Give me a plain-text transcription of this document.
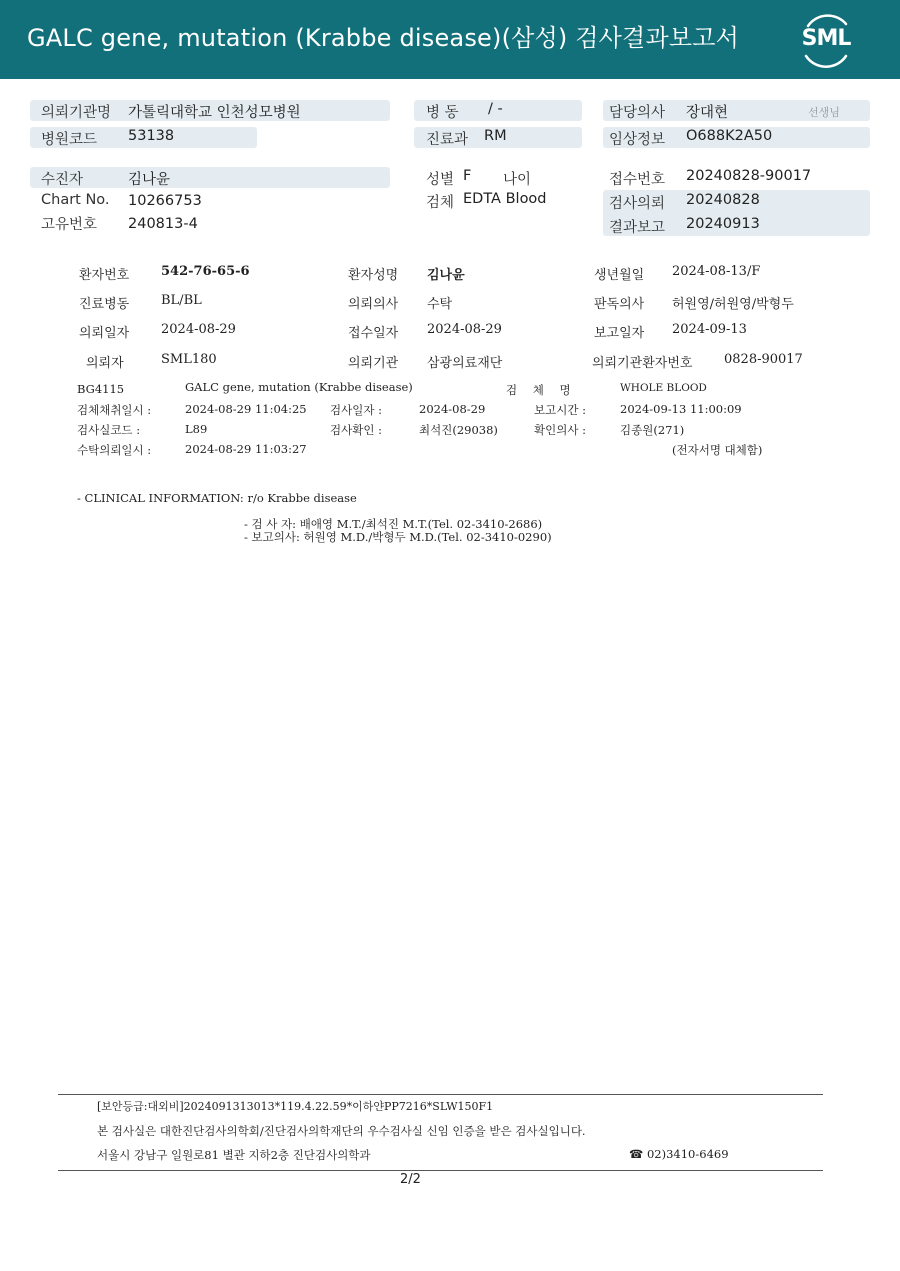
GALC gene, mutation (Krabbe disease)(삼성) 검사결과보고서	SML
의뢰기관명 가톨릭대학교 인천성모병원	병 동 / -	담당의사 장대현	선생님
병원코드 53138	진료과 RM	임상정보 O688K2A50
수진자	김나윤	성별 F 나이	접수번호 20240828-90017
Chart No. 10266753	검체 EDTA Blood	검사의뢰 20240828
고유번호 240813-4	결과보고 20240913
환자번호 542-76-65-6	환자성명 김나윤	생년월일 2024-08-13/F
진료병동 BL/BL	의뢰의사 수탁	판독의사 허원영/허원영/박형두
의뢰일자 2024-08-29	접수일자 2024-08-29	보고일자 2024-09-13
의뢰자	SML180	의뢰기관 삼광의료재단	의뢰기관환자번호 0828-90017
BG4115	GALC gene, mutation (Krabbe disease)	검 체 명	WHOLE BLOOD
검체채취일시 :	2024-08-29 11:04:25 검사일자 :	2024-08-29	보고시간 :	2024-09-13 11:00:09
검사실코드 :	L89	검사확인 :	최석진(29038)	확인의사 :	김종원(271)
수탁의뢰일시 :	2024-08-29 11:03:27	(전자서명 대체함)
- CLINICAL INFORMATION: r/o Krabbe disease
- 검 사 자: 배애영 M.T./최석진 M.T.(Tel. 02-3410-2686)
- 보고의사: 허원영 M.D./박형두 M.D.(Tel. 02-3410-0290)
[보안등급:대외비]2024091313013*119.4.22.59*이하얀PP7216*SLW150F1
본 검사실은 대한진단검사의학회/진단검사의학재단의 우수검사실 신임 인증을 받은 검사실입니다.
서울시 강남구 일원로81 별관 지하2층 진단검사의학과	☎ 02)3410-6469
2/2
